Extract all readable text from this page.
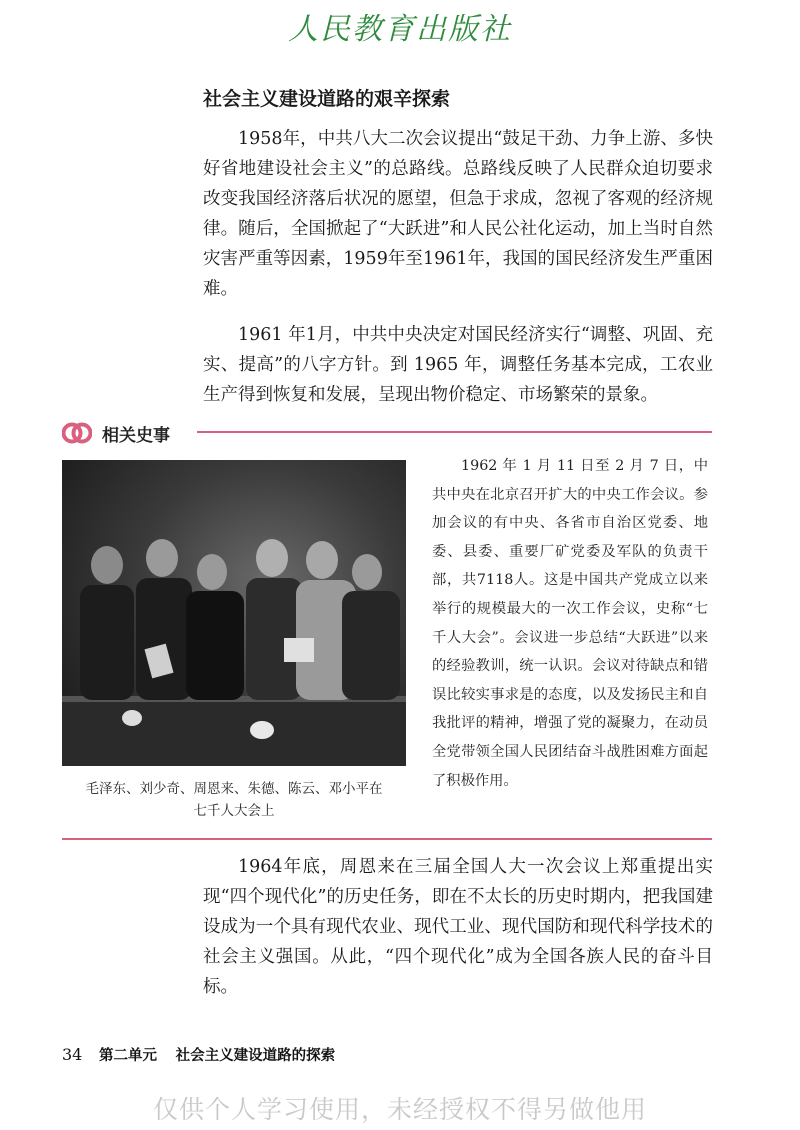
人民教育出版社
社会主义建设道路的艰辛探索

1958年，中共八大二次会议提出“鼓足干劲、力争上游、多快好省地建设社会主义”的总路线。总路线反映了人民群众迫切要求改变我国经济落后状况的愿望，但急于求成，忽视了客观的经济规律。随后，全国掀起了“大跃进”和人民公社化运动，加上当时自然灾害严重等因素，1959年至1961年，我国的国民经济发生严重困难。

1961 年1月，中共中央决定对国民经济实行“调整、巩固、充实、提高”的八字方针。到 1965 年，调整任务基本完成，工农业生产得到恢复和发展，呈现出物价稳定、市场繁荣的景象。

相关史事
毛泽东、刘少奇、周恩来、朱德、陈云、邓小平在
七千人大会上

1962 年 1 月 11 日至 2 月 7 日，中共中央在北京召开扩大的中央工作会议。参加会议的有中央、各省市自治区党委、地委、县委、重要厂矿党委及军队的负责干部，共7118人。这是中国共产党成立以来举行的规模最大的一次工作会议，史称“七千人大会”。会议进一步总结“大跃进”以来的经验教训，统一认识。会议对待缺点和错误比较实事求是的态度，以及发扬民主和自我批评的精神，增强了党的凝聚力，在动员全党带领全国人民团结奋斗战胜困难方面起了积极作用。

1964年底，周恩来在三届全国人大一次会议上郑重提出实现“四个现代化”的历史任务，即在不太长的历史时期内，把我国建设成为一个具有现代农业、现代工业、现代国防和现代科学技术的社会主义强国。从此，“四个现代化”成为全国各族人民的奋斗目标。

34 第二单元 社会主义建设道路的探索
仅供个人学习使用，未经授权不得另做他用
